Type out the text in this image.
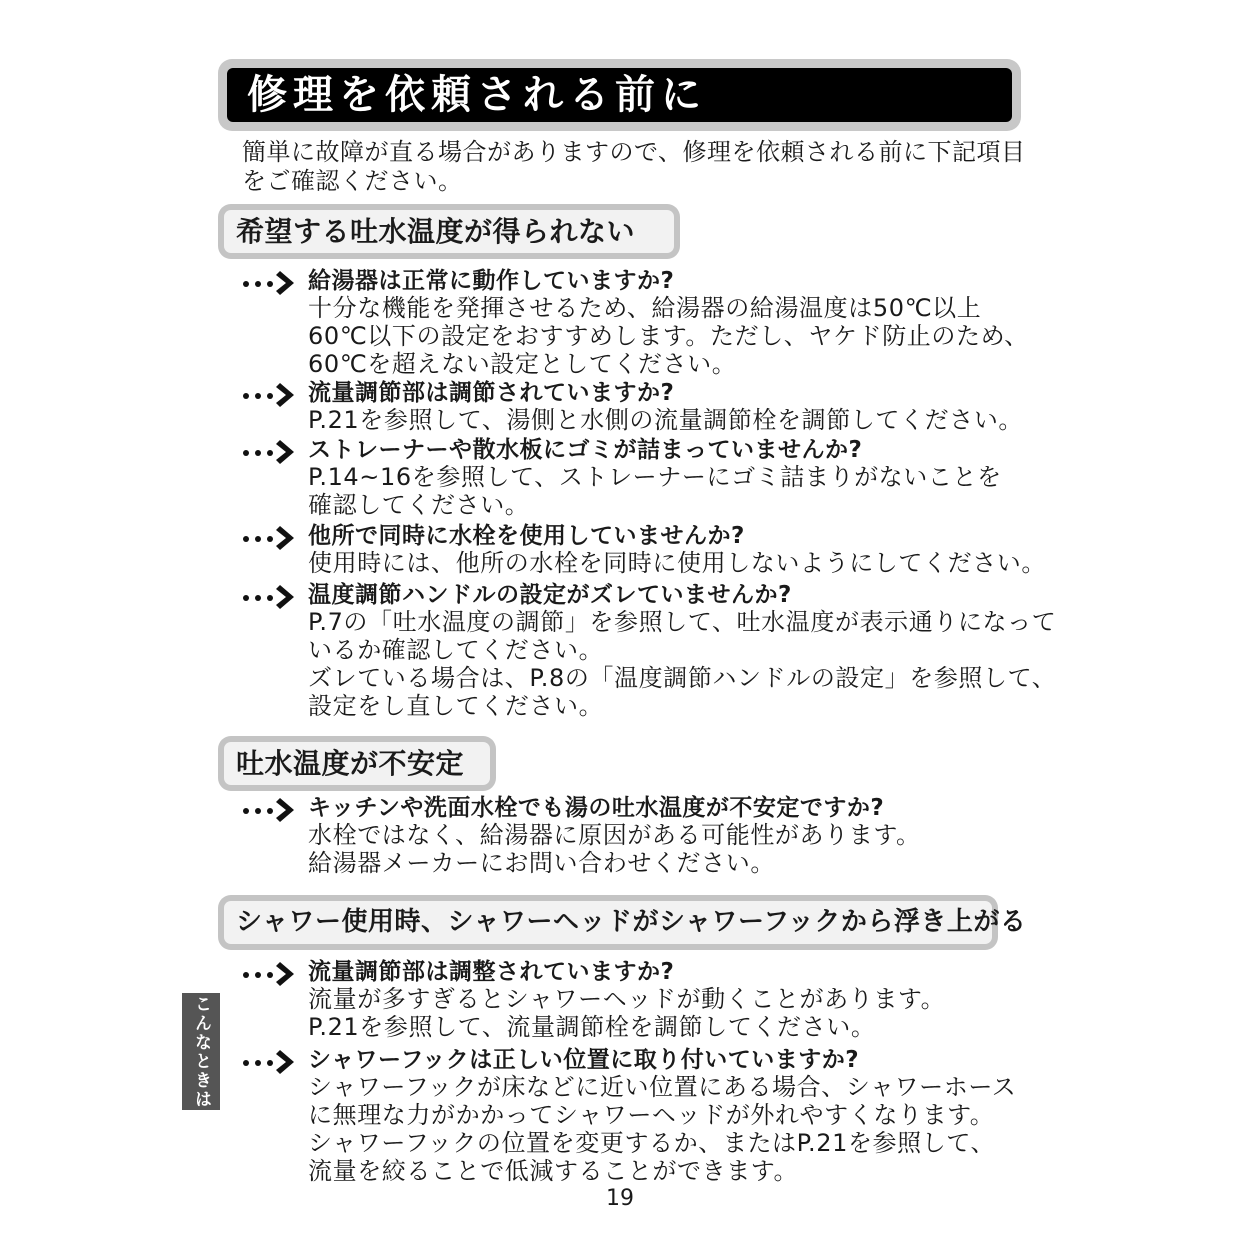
修理を依頼される前に

簡単に故障が直る場合がありますので、修理を依頼される前に下記項目

をご確認ください。

希望する吐水温度が得られない
給湯器は正常に動作していますか?

十分な機能を発揮させるため、給湯器の給湯温度は50℃以上

60℃以下の設定をおすすめします。ただし、ヤケド防止のため、

60℃を超えない設定としてください。

流量調節部は調節されていますか?

P.21を参照して、湯側と水側の流量調節栓を調節してください。

ストレーナーや散水板にゴミが詰まっていませんか?

P.14~16を参照して、ストレーナーにゴミ詰まりがないことを

確認してください。

他所で同時に水栓を使用していませんか?

使用時には、他所の水栓を同時に使用しないようにしてください。

温度調節ハンドルの設定がズレていませんか?

P.7の「吐水温度の調節」を参照して、吐水温度が表示通りになって

いるか確認してください。

ズレている場合は、P.8の「温度調節ハンドルの設定」を参照して、

設定をし直してください。

吐水温度が不安定
キッチンや洗面水栓でも湯の吐水温度が不安定ですか?

水栓ではなく、給湯器に原因がある可能性があります。

給湯器メーカーにお問い合わせください。

シャワー使用時、シャワーヘッドがシャワーフックから浮き上がる
流量調節部は調整されていますか?

流量が多すぎるとシャワーヘッドが動くことがあります。

P.21を参照して、流量調節栓を調節してください。

シャワーフックは正しい位置に取り付いていますか?

シャワーフックが床などに近い位置にある場合、シャワーホース

に無理な力がかかってシャワーヘッドが外れやすくなります。

シャワーフックの位置を変更するか、またはP.21を参照して、

流量を絞ることで低減することができます。

こんなときは
19
